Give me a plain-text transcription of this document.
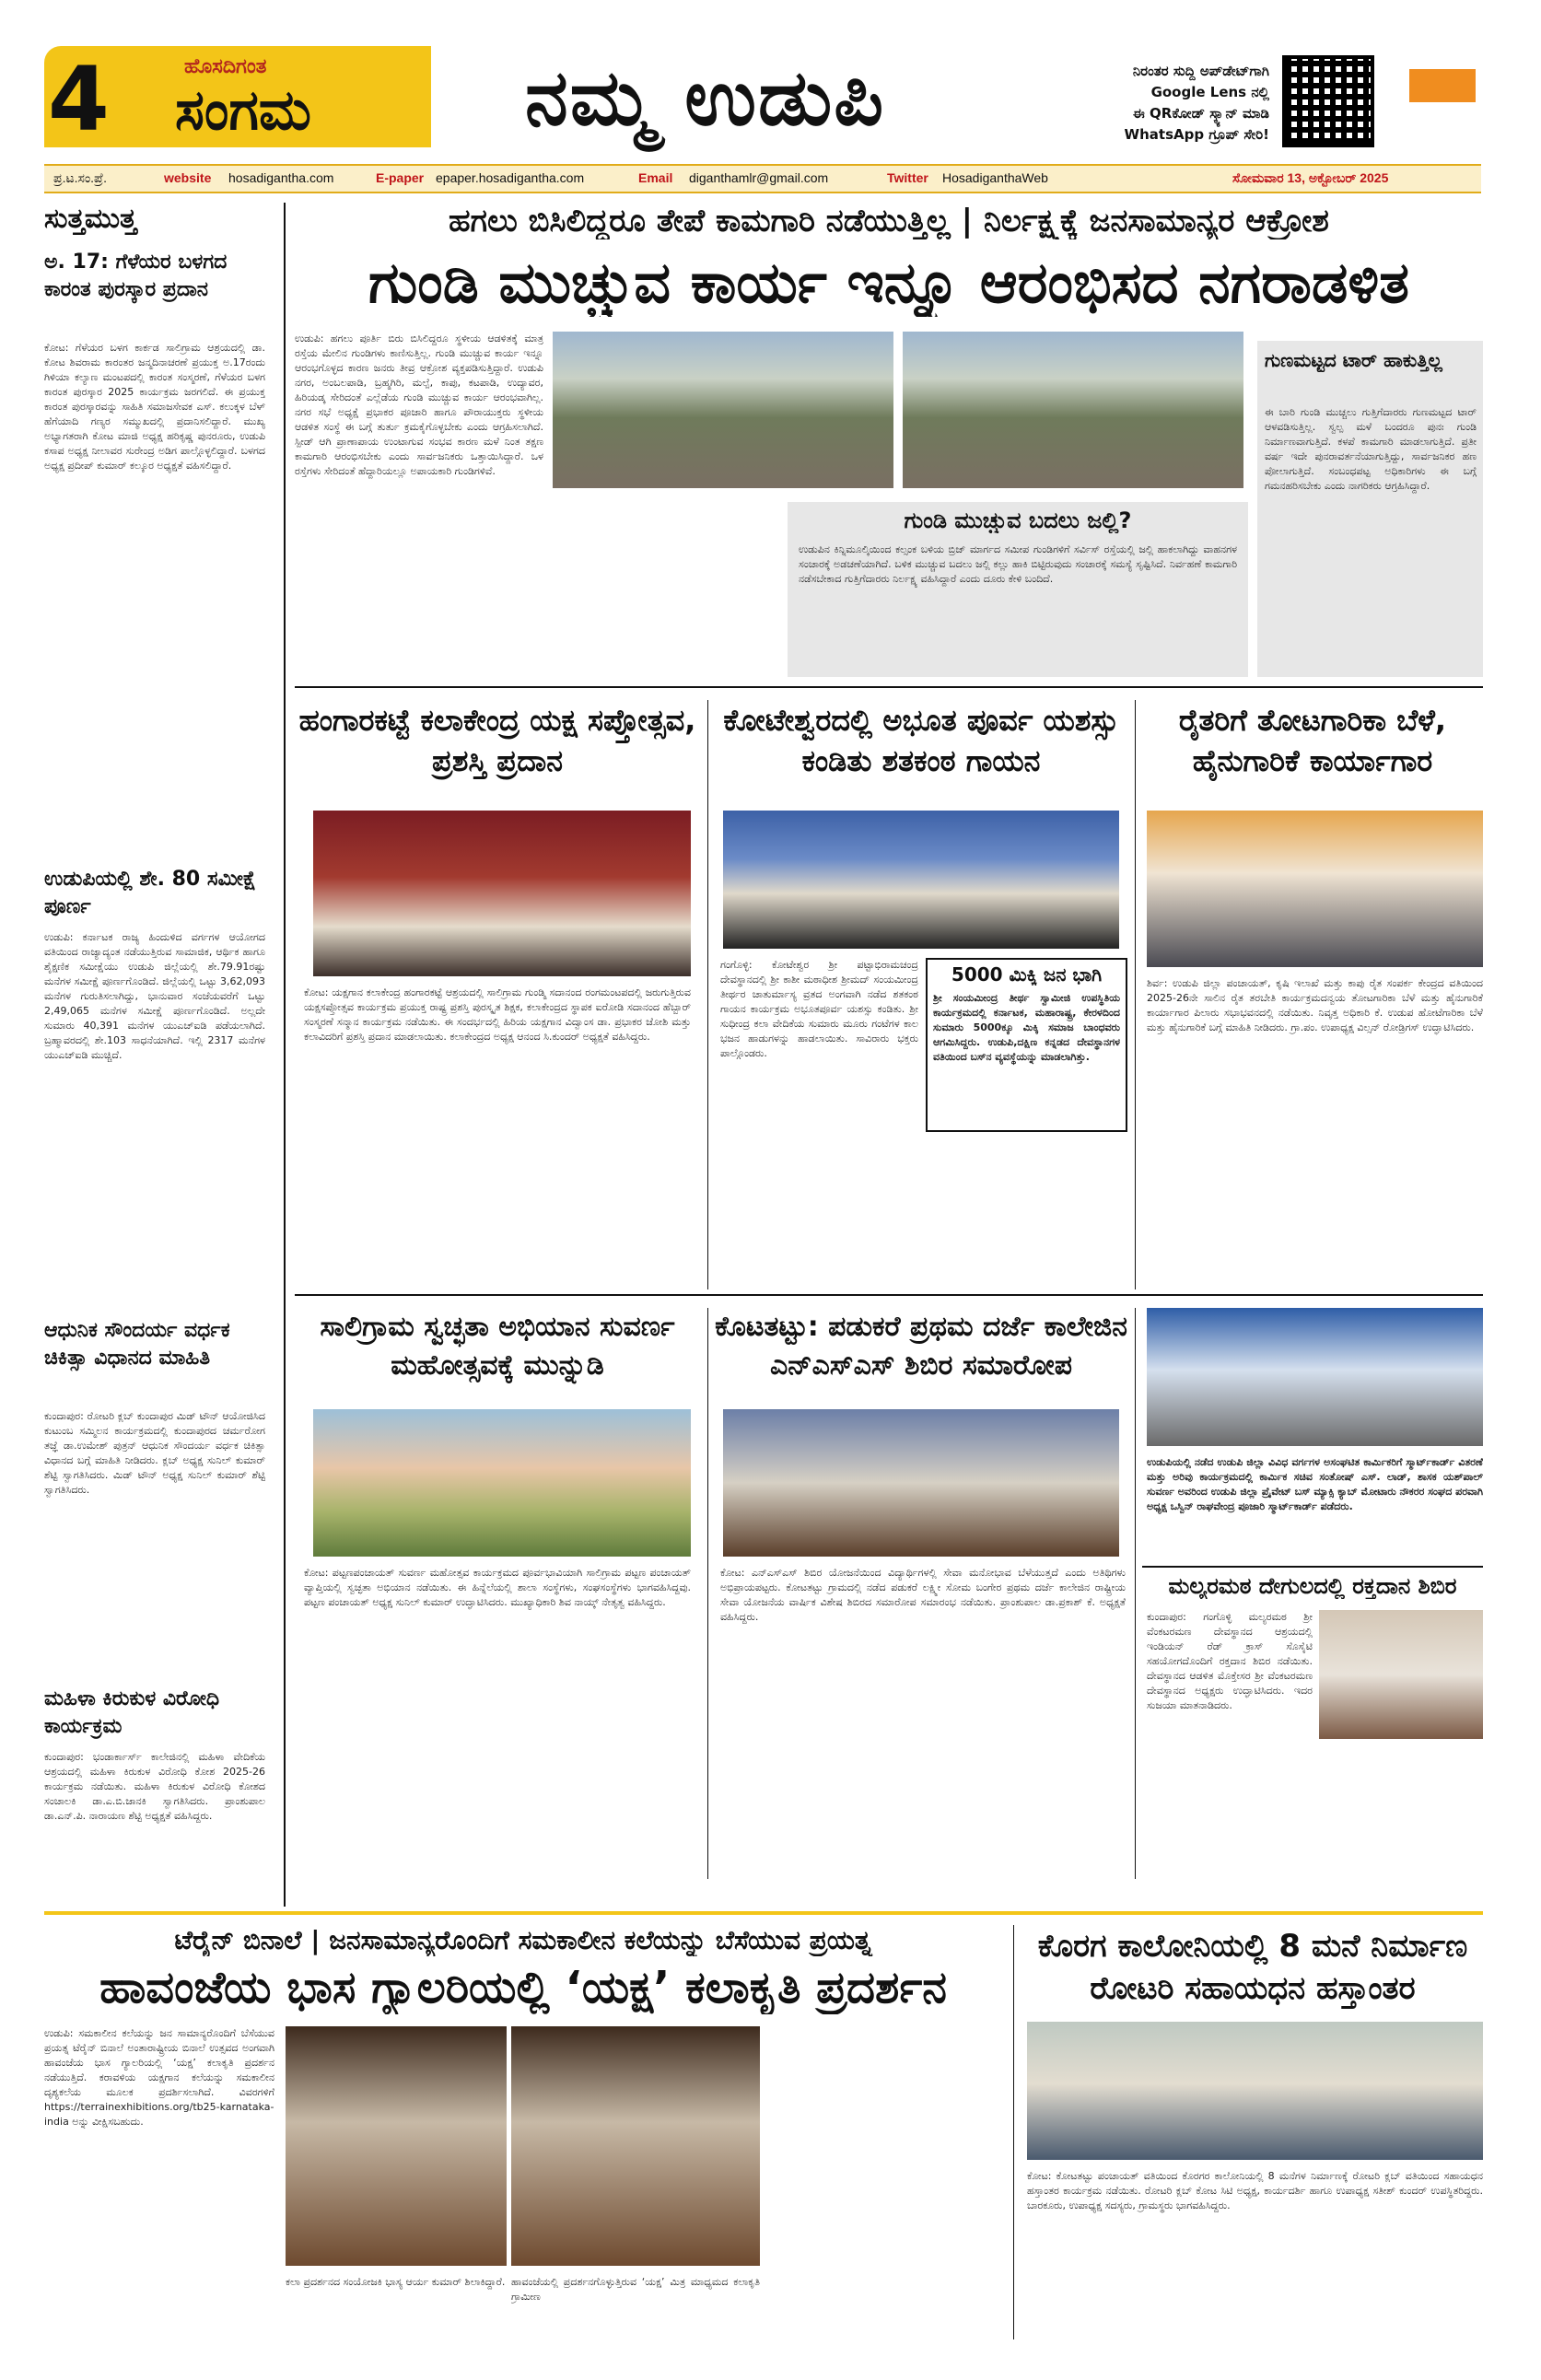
4	ಹೊಸದಿಗಂತ
ಸಂಗಮ	ನಮ್ಮ ಉಡುಪಿ	ನಿರಂತರ ಸುದ್ದಿ ಅಪ್‌ಡೇಟ್‌ಗಾಗಿ
Google Lens ನಲ್ಲಿ
ಈ QRಕೋಡ್ ಸ್ಕ್ಯಾನ್ ಮಾಡಿ
WhatsApp ಗ್ರೂಪ್ ಸೇರಿ!
ಪ್ರ.ಟ.ಸಂ.ಪ್ರೆ.	website hosadigantha.com	E-paper epaper.hosadigantha.com	Email diganthamlr@gmail.com	Twitter HosadiganthaWeb	ಸೋಮವಾರ 13, ಅಕ್ಟೋಬರ್ 2025
ಸುತ್ತಮುತ್ತ
ಅ. 17: ಗೆಳೆಯರ ಬಳಗದ ಕಾರಂತ ಪುರಸ್ಕಾರ ಪ್ರದಾನ
ಕೋಟ: ಗೆಳೆಯರ ಬಳಗ ಕಾರ್ಕಡ ಸಾಲಿಗ್ರಾಮ ಆಶ್ರಯದಲ್ಲಿ ಡಾ. ಕೋಟ ಶಿವರಾಮ ಕಾರಂತರ ಜನ್ಮದಿನಾಚರಣೆ ಪ್ರಯುಕ್ತ ಅ.17ರಂದು ಗಿಳಿಯಾ ಕಲ್ಯಾಣ ಮಂಟಪದಲ್ಲಿ ಕಾರಂತ ಸಂಸ್ಮರಣೆ, ಗೆಳೆಯರ ಬಳಗ ಕಾರಂತ ಪುರಸ್ಕಾರ 2025 ಕಾರ್ಯಕ್ರಮ ಜರಗಲಿದೆ. ಈ ಪ್ರಯುಕ್ತ ಕಾರಂತ ಪುರಸ್ಕಾರವನ್ನು ಸಾಹಿತಿ ಸಮಾಜಸೇವಕ ಎಸ್. ಕಲುಕ್ಕಳ ಬೆಳ್ ಹೆಗೆಯಾದಿ ಗಣ್ಯರ ಸಮ್ಮುಖದಲ್ಲಿ ಪ್ರದಾನಿಸಲಿದ್ದಾರೆ. ಮುಖ್ಯ ಅಭ್ಯಾಗತರಾಗಿ ಕೋಟ ಮಾಜಿ ಅಧ್ಯಕ್ಷ ಹರಿಕೃಷ್ಣ ಪುನರೂರು, ಉಡುಪಿ ಕಸಾಪ ಅಧ್ಯಕ್ಷ ನೀಲಾವರ ಸುರೇಂದ್ರ ಅಡಿಗ ಪಾಲ್ಗೊಳ್ಳಲಿದ್ದಾರೆ. ಬಳಗದ ಅಧ್ಯಕ್ಷ ಪ್ರದೀಪ್ ಕುಮಾರ್ ಕಲ್ಕೂರ ಅಧ್ಯಕ್ಷತೆ ವಹಿಸಲಿದ್ದಾರೆ.
ಉಡುಪಿಯಲ್ಲಿ ಶೇ. 80 ಸಮೀಕ್ಷೆ ಪೂರ್ಣ
ಉಡುಪಿ: ಕರ್ನಾಟಕ ರಾಜ್ಯ ಹಿಂದುಳಿದ ವರ್ಗಗಳ ಆಯೋಗದ ವತಿಯಿಂದ ರಾಜ್ಯಾದ್ಯಂತ ನಡೆಯುತ್ತಿರುವ ಸಾಮಾಜಿಕ, ಆರ್ಥಿಕ ಹಾಗೂ ಶೈಕ್ಷಣಿಕ ಸಮೀಕ್ಷೆಯು ಉಡುಪಿ ಜಿಲ್ಲೆಯಲ್ಲಿ ಶೇ.79.91ರಷ್ಟು ಮನೆಗಳ ಸಮೀಕ್ಷೆ ಪೂರ್ಣಗೊಂಡಿದೆ. ಜಿಲ್ಲೆಯಲ್ಲಿ ಒಟ್ಟು 3,62,093 ಮನೆಗಳ ಗುರುತಿಸಲಾಗಿದ್ದು, ಭಾನುವಾರ ಸಂಜೆಯವರೆಗೆ ಒಟ್ಟು 2,49,065 ಮನೆಗಳ ಸಮೀಕ್ಷೆ ಪೂರ್ಣಗೊಂಡಿದೆ. ಅಲ್ಲದೇ ಸುಮಾರು 40,391 ಮನೆಗಳ ಯುಎಚ್‌ಐಡಿ ಪಡೆಯಲಾಗಿದೆ. ಬ್ರಹ್ಮಾವರದಲ್ಲಿ ಶೇ.103 ಸಾಧನೆಯಾಗಿದೆ. ಇಲ್ಲಿ 2317 ಮನೆಗಳ ಯುಎಚ್‌ಐಡಿ ಮುಚ್ಚಿದೆ.
ಆಧುನಿಕ ಸೌಂದರ್ಯ ವರ್ಧಕ ಚಿಕಿತ್ಸಾ ವಿಧಾನದ ಮಾಹಿತಿ
ಕುಂದಾಪುರ: ರೋಟರಿ ಕ್ಲಬ್ ಕುಂದಾಪುರ ಮಿಡ್ ಟೌನ್ ಆಯೋಜಿಸಿದ ಕುಟುಂಬ ಸಮ್ಮಿಲನ ಕಾರ್ಯಕ್ರಮದಲ್ಲಿ ಕುಂದಾಪುರದ ಚರ್ಮರೋಗ ತಜ್ಞೆ ಡಾ.ಉಮೇಶ್ ಪುತ್ರನ್ ಆಧುನಿಕ ಸೌಂದರ್ಯ ವರ್ಧಕ ಚಿಕಿತ್ಸಾ ವಿಧಾನದ ಬಗ್ಗೆ ಮಾಹಿತಿ ನೀಡಿದರು. ಕ್ಲಬ್ ಅಧ್ಯಕ್ಷ ಸುನಿಲ್ ಕುಮಾರ್ ಶೆಟ್ಟಿ ಸ್ವಾಗತಿಸಿದರು. ಮಿಡ್ ಟೌನ್ ಅಧ್ಯಕ್ಷ ಸುನಿಲ್ ಕುಮಾರ್ ಶೆಟ್ಟಿ ಸ್ವಾಗತಿಸಿದರು.
ಮಹಿಳಾ ಕಿರುಕುಳ ವಿರೋಧಿ ಕಾರ್ಯಕ್ರಮ
ಕುಂದಾಪುರ: ಭಂಡಾರ್ಕಾರ್ಸ್ ಕಾಲೇಜಿನಲ್ಲಿ ಮಹಿಳಾ ವೇದಿಕೆಯ ಆಶ್ರಯದಲ್ಲಿ ಮಹಿಳಾ ಕಿರುಕುಳ ವಿರೋಧಿ ಕೋಶ 2025-26 ಕಾರ್ಯಕ್ರಮ ನಡೆಯಿತು. ಮಹಿಳಾ ಕಿರುಕುಳ ವಿರೋಧಿ ಕೋಶದ ಸಂಚಾಲಕಿ ಡಾ.ಎ.ಬಿ.ಜಾನಕಿ ಸ್ವಾಗತಿಸಿದರು. ಪ್ರಾಂಶುಪಾಲ ಡಾ.ಎನ್.ಪಿ. ನಾರಾಯಣ ಶೆಟ್ಟಿ ಅಧ್ಯಕ್ಷತೆ ವಹಿಸಿದ್ದರು.
ಹಗಲು ಬಿಸಿಲಿದ್ದರೂ ತೇಪೆ ಕಾಮಗಾರಿ ನಡೆಯುತ್ತಿಲ್ಲ | ನಿರ್ಲಕ್ಷ್ಯಕ್ಕೆ ಜನಸಾಮಾನ್ಯರ ಆಕ್ರೋಶ
ಗುಂಡಿ ಮುಚ್ಚುವ ಕಾರ್ಯ ಇನ್ನೂ ಆರಂಭಿಸದ ನಗರಾಡಳಿತ
ಉಡುಪಿ: ಹಗಲು ಪೂರ್ತಿ ಬಿರು ಬಿಸಿಲಿದ್ದರೂ ಸ್ಥಳೀಯ ಆಡಳಿತಕ್ಕೆ ಮಾತ್ರ ರಸ್ತೆಯ ಮೇಲಿನ ಗುಂಡಿಗಳು ಕಾಣಿಸುತ್ತಿಲ್ಲ. ಗುಂಡಿ ಮುಚ್ಚುವ ಕಾರ್ಯ ಇನ್ನೂ ಆರಂಭಗೊಳ್ಳದ ಕಾರಣ ಜನರು ತೀವ್ರ ಆಕ್ರೋಶ ವ್ಯಕ್ತಪಡಿಸುತ್ತಿದ್ದಾರೆ. ಉಡುಪಿ ನಗರ, ಅಂಬಲಪಾಡಿ, ಬ್ರಹ್ಮಗಿರಿ, ಮಲ್ಪೆ, ಕಾಪು, ಕಟಪಾಡಿ, ಉದ್ಯಾವರ, ಹಿರಿಯಡ್ಕ ಸೇರಿದಂತೆ ಎಲ್ಲೆಡೆಯ ಗುಂಡಿ ಮುಚ್ಚುವ ಕಾರ್ಯ ಆರಂಭವಾಗಿಲ್ಲ. ನಗರ ಸಭೆ ಅಧ್ಯಕ್ಷೆ ಪ್ರಭಾಕರ ಪೂಜಾರಿ ಹಾಗೂ ಪೌರಾಯುಕ್ತರು ಸ್ಥಳೀಯ ಆಡಳಿತ ಸಂಸ್ಥೆ ಈ ಬಗ್ಗೆ ತುರ್ತು ಕ್ರಮಕೈಗೊಳ್ಳಬೇಕು ಎಂದು ಆಗ್ರಹಿಸಲಾಗಿದೆ. ಸ್ಪೀಡ್ ಆಗಿ ಪ್ರಾಣಾಪಾಯ ಉಂಟಾಗುವ ಸಂಭವ ಕಾರಣ ಮಳೆ ನಿಂತ ತಕ್ಷಣ ಕಾಮಗಾರಿ ಆರಂಭಿಸಬೇಕು ಎಂದು ಸಾರ್ವಜನಿಕರು ಒತ್ತಾಯಿಸಿದ್ದಾರೆ. ಒಳ ರಸ್ತೆಗಳು ಸೇರಿದಂತೆ ಹೆದ್ದಾರಿಯಲ್ಲೂ ಅಪಾಯಕಾರಿ ಗುಂಡಿಗಳಿವೆ.
ಗುಂಡಿ ಮುಚ್ಚುವ ಬದಲು ಜಲ್ಲಿ?
ಉಡುಪಿನ ಕಿನ್ನಿಮೂಲ್ಕಿಯಿಂದ ಕಲ್ಸಂಕ ಬಳಿಯ ಬ್ರಿಜ್ ಮಾರ್ಗದ ಸಮೀಪ ಗುಂಡಿಗಳಿಗೆ ಸರ್ವಿಸ್ ರಸ್ತೆಯಲ್ಲಿ ಜಲ್ಲಿ ಹಾಕಲಾಗಿದ್ದು ವಾಹನಗಳ ಸಂಚಾರಕ್ಕೆ ಅಡಚಣೆಯಾಗಿದೆ. ಬಳಿಕ ಮುಚ್ಚುವ ಬದಲು ಜಲ್ಲಿ ಕಲ್ಲು ಹಾಕಿ ಬಿಟ್ಟಿರುವುದು ಸಂಚಾರಕ್ಕೆ ಸಮಸ್ಯೆ ಸೃಷ್ಟಿಸಿದೆ. ನಿರ್ವಹಣೆ ಕಾಮಗಾರಿ ನಡೆಸಬೇಕಾದ ಗುತ್ತಿಗೆದಾರರು ನಿರ್ಲಕ್ಷ್ಯ ವಹಿಸಿದ್ದಾರೆ ಎಂದು ದೂರು ಕೇಳಿ ಬಂದಿದೆ.
ಗುಣಮಟ್ಟದ ಟಾರ್ ಹಾಕುತ್ತಿಲ್ಲ
ಈ ಬಾರಿ ಗುಂಡಿ ಮುಚ್ಚಲು ಗುತ್ತಿಗೆದಾರರು ಗುಣಮಟ್ಟದ ಟಾರ್ ಆಳವಡಿಸುತ್ತಿಲ್ಲ. ಸ್ವಲ್ಪ ಮಳೆ ಬಂದರೂ ಪುನಃ ಗುಂಡಿ ನಿರ್ಮಾಣವಾಗುತ್ತಿದೆ. ಕಳಪೆ ಕಾಮಗಾರಿ ಮಾಡಲಾಗುತ್ತಿದೆ. ಪ್ರತೀ ವರ್ಷ ಇದೇ ಪುನರಾವರ್ತನೆಯಾಗುತ್ತಿದ್ದು, ಸಾರ್ವಜನಿಕರ ಹಣ ಪೋಲಾಗುತ್ತಿದೆ. ಸಂಬಂಧಪಟ್ಟ ಅಧಿಕಾರಿಗಳು ಈ ಬಗ್ಗೆ ಗಮನಹರಿಸಬೇಕು ಎಂದು ನಾಗರಿಕರು ಆಗ್ರಹಿಸಿದ್ದಾರೆ.
ಹಂಗಾರಕಟ್ಟೆ ಕಲಾಕೇಂದ್ರ ಯಕ್ಷ ಸಪ್ತೋತ್ಸವ, ಪ್ರಶಸ್ತಿ ಪ್ರದಾನ
ಕೋಟ: ಯಕ್ಷಗಾನ ಕಲಾಕೇಂದ್ರ ಹಂಗಾರಕಟ್ಟೆ ಆಶ್ರಯದಲ್ಲಿ ಸಾಲಿಗ್ರಾಮ ಗುಂಡ್ಮಿ ಸದಾನಂದ ರಂಗಮಂಟಪದಲ್ಲಿ ಜರುಗುತ್ತಿರುವ ಯಕ್ಷಸಪ್ತೋತ್ಸವ ಕಾರ್ಯಕ್ರಮ ಪ್ರಯುಕ್ತ ರಾಷ್ಟ್ರ ಪ್ರಶಸ್ತಿ ಪುರಸ್ಕೃತ ಶಿಕ್ಷಕ, ಕಲಾಕೇಂದ್ರದ ಸ್ಥಾಪಕ ಐರೋಡಿ ಸದಾನಂದ ಹೆಬ್ಬಾರ್ ಸಂಸ್ಮರಣೆ ಸನ್ಮಾನ ಕಾರ್ಯಕ್ರಮ ನಡೆಯಿತು. ಈ ಸಂದರ್ಭದಲ್ಲಿ ಹಿರಿಯ ಯಕ್ಷಗಾನ ವಿದ್ವಾಂಸ ಡಾ. ಪ್ರಭಾಕರ ಜೋಶಿ ಮತ್ತು ಕಲಾವಿದರಿಗೆ ಪ್ರಶಸ್ತಿ ಪ್ರದಾನ ಮಾಡಲಾಯಿತು. ಕಲಾಕೇಂದ್ರದ ಅಧ್ಯಕ್ಷ ಆನಂದ ಸಿ.ಕುಂದರ್ ಅಧ್ಯಕ್ಷತೆ ವಹಿಸಿದ್ದರು.
ಕೋಟೇಶ್ವರದಲ್ಲಿ ಅಭೂತ ಪೂರ್ವ ಯಶಸ್ಸು ಕಂಡಿತು ಶತಕಂಠ ಗಾಯನ
ಗಂಗೊಳ್ಳಿ: ಕೋಟೇಶ್ವರ ಶ್ರೀ ಪಟ್ಟಾಭಿರಾಮಚಂದ್ರ ದೇವಸ್ಥಾನದಲ್ಲಿ ಶ್ರೀ ಕಾಶೀ ಮಠಾಧೀಶ ಶ್ರೀಮದ್ ಸಂಯಮೀಂದ್ರ ತೀರ್ಥರ ಚಾತುರ್ಮಾಸ್ಯ ವ್ರತದ ಅಂಗವಾಗಿ ನಡೆದ ಶತಕಂಠ ಗಾಯನ ಕಾರ್ಯಕ್ರಮ ಅಭೂತಪೂರ್ವ ಯಶಸ್ಸು ಕಂಡಿತು. ಶ್ರೀ ಸುಧೀಂದ್ರ ಕಲಾ ವೇದಿಕೆಯ ಸುಮಾರು ಮೂರು ಗಂಟೆಗಳ ಕಾಲ ಭಜನ ಹಾಡುಗಳನ್ನು ಹಾಡಲಾಯಿತು. ಸಾವಿರಾರು ಭಕ್ತರು ಪಾಲ್ಗೊಂಡರು.
5000 ಮಿಕ್ಕಿ ಜನ ಭಾಗಿ
ಶ್ರೀ ಸಂಯಮೀಂದ್ರ ತೀರ್ಥ ಸ್ವಾಮೀಜಿ ಉಪಸ್ಥಿತಿಯ ಕಾರ್ಯಕ್ರಮದಲ್ಲಿ ಕರ್ನಾಟಕ, ಮಹಾರಾಷ್ಟ್ರ, ಕೇರಳದಿಂದ ಸುಮಾರು 5000ಕ್ಕೂ ಮಿಕ್ಕಿ ಸಮಾಜ ಬಾಂಧವರು ಆಗಮಿಸಿದ್ದರು. ಉಡುಪಿ,ದಕ್ಷಿಣ ಕನ್ನಡದ ದೇವಸ್ಥಾನಗಳ ವತಿಯಿಂದ ಬಸ್‌ನ ವ್ಯವಸ್ಥೆಯನ್ನು ಮಾಡಲಾಗಿತ್ತು.
ರೈತರಿಗೆ ತೋಟಗಾರಿಕಾ ಬೆಳೆ, ಹೈನುಗಾರಿಕೆ ಕಾರ್ಯಾಗಾರ
ಶಿರ್ವ: ಉಡುಪಿ ಜಿಲ್ಲಾ ಪಂಚಾಯತ್, ಕೃಷಿ ಇಲಾಖೆ ಮತ್ತು ಕಾಪು ರೈತ ಸಂಪರ್ಕ ಕೇಂದ್ರದ ವತಿಯಿಂದ 2025-26ನೇ ಸಾಲಿನ ರೈತ ತರಬೇತಿ ಕಾರ್ಯಕ್ರಮದನ್ವಯ ತೋಟಗಾರಿಕಾ ಬೆಳೆ ಮತ್ತು ಹೈನುಗಾರಿಕೆ ಕಾರ್ಯಾಗಾರ ಪಿಲಾರು ಸಭಾಭವನದಲ್ಲಿ ನಡೆಯಿತು. ನಿವೃತ್ತ ಅಧಿಕಾರಿ ಕೆ. ಉಡುಪ ಹೋಟೆಗಾರಿಕಾ ಬೆಳೆ ಮತ್ತು ಹೈನುಗಾರಿಕೆ ಬಗ್ಗೆ ಮಾಹಿತಿ ನೀಡಿದರು. ಗ್ರಾ.ಪಂ. ಉಪಾಧ್ಯಕ್ಷ ವಿಲ್ಸನ್ ರೋಡ್ರಿಗಸ್ ಉದ್ಘಾಟಿಸಿದರು.
ಸಾಲಿಗ್ರಾಮ ಸ್ವಚ್ಛತಾ ಅಭಿಯಾನ ಸುವರ್ಣ ಮಹೋತ್ಸವಕ್ಕೆ ಮುನ್ನುಡಿ
ಕೋಟ: ಪಟ್ಟಣಪಂಚಾಯತ್ ಸುವರ್ಣ ಮಹೋತ್ಸವ ಕಾರ್ಯಕ್ರಮದ ಪೂರ್ವಭಾವಿಯಾಗಿ ಸಾಲಿಗ್ರಾಮ ಪಟ್ಟಣ ಪಂಚಾಯತ್ ವ್ಯಾಪ್ತಿಯಲ್ಲಿ ಸ್ವಚ್ಛತಾ ಅಭಿಯಾನ ನಡೆಯಿತು. ಈ ಹಿನ್ನೆಲೆಯಲ್ಲಿ ಶಾಲಾ ಸಂಸ್ಥೆಗಳು, ಸಂಘಸಂಸ್ಥೆಗಳು ಭಾಗವಹಿಸಿದ್ದವು. ಪಟ್ಟಣ ಪಂಚಾಯತ್ ಅಧ್ಯಕ್ಷ ಸುನಿಲ್ ಕುಮಾರ್ ಉದ್ಘಾಟಿಸಿದರು. ಮುಖ್ಯಾಧಿಕಾರಿ ಶಿವ ನಾಯ್ಕ್ ನೇತೃತ್ವ ವಹಿಸಿದ್ದರು.
ಕೊಟತಟ್ಟು: ಪಡುಕರೆ ಪ್ರಥಮ ದರ್ಜೆ ಕಾಲೇಜಿನ ಎನ್ಎಸ್ಎಸ್ ಶಿಬಿರ ಸಮಾರೋಪ
ಕೋಟ: ಎನ್ಎಸ್ಎಸ್ ಶಿಬಿರ ಯೋಜನೆಯಿಂದ ವಿದ್ಯಾರ್ಥಿಗಳಲ್ಲಿ ಸೇವಾ ಮನೋಭಾವ ಬೆಳೆಯುತ್ತದೆ ಎಂದು ಅತಿಥಿಗಳು ಅಭಿಪ್ರಾಯಪಟ್ಟರು. ಕೋಟತಟ್ಟು ಗ್ರಾಮದಲ್ಲಿ ನಡೆದ ಪಡುಕರೆ ಲಕ್ಷ್ಮೀ ಸೋಮ ಬಂಗೇರ ಪ್ರಥಮ ದರ್ಜೆ ಕಾಲೇಜಿನ ರಾಷ್ಟ್ರೀಯ ಸೇವಾ ಯೋಜನೆಯ ವಾರ್ಷಿಕ ವಿಶೇಷ ಶಿಬಿರದ ಸಮಾರೋಪ ಸಮಾರಂಭ ನಡೆಯಿತು. ಪ್ರಾಂಶುಪಾಲ ಡಾ.ಪ್ರಕಾಶ್ ಕೆ. ಅಧ್ಯಕ್ಷತೆ ವಹಿಸಿದ್ದರು.
ಉಡುಪಿಯಲ್ಲಿ ನಡೆದ ಉಡುಪಿ ಜಿಲ್ಲಾ ವಿವಿಧ ವರ್ಗಗಳ ಅಸಂಘಟಿತ ಕಾರ್ಮಿಕರಿಗೆ ಸ್ಮಾರ್ಟ್‌ಕಾರ್ಡ್ ವಿತರಣೆ ಮತ್ತು ಅರಿವು ಕಾರ್ಯಕ್ರಮದಲ್ಲಿ ಕಾರ್ಮಿಕ ಸಚಿವ ಸಂತೋಷ್ ಎಸ್. ಲಾಡ್, ಶಾಸಕ ಯಶ್‌ಪಾಲ್ ಸುವರ್ಣ ಅವರಿಂದ ಉಡುಪಿ ಜಿಲ್ಲಾ ಪ್ರೈವೇಟ್ ಬಸ್ ಮ್ಯಾಕ್ಸಿ ಕ್ಯಾಬ್ ಮೋಟಾರು ನೌಕರರ ಸಂಘದ ಪರವಾಗಿ ಅಧ್ಯಕ್ಷ ಒಸ್ವಿನ್ ರಾಘವೇಂದ್ರ ಪೂಜಾರಿ ಸ್ಮಾರ್ಟ್‌ಕಾರ್ಡ್ ಪಡೆದರು.
ಮಲ್ಯರಮಠ ದೇಗುಲದಲ್ಲಿ ರಕ್ತದಾನ ಶಿಬಿರ
ಕುಂದಾಪುರ: ಗಂಗೊಳ್ಳಿ ಮಲ್ಯರಮಠ ಶ್ರೀ ವೆಂಕಟರಮಣ ದೇವಸ್ಥಾನದ ಆಶ್ರಯದಲ್ಲಿ ಇಂಡಿಯನ್ ರೆಡ್ ಕ್ರಾಸ್ ಸೊಸೈಟಿ ಸಹಯೋಗದೊಂದಿಗೆ ರಕ್ತದಾನ ಶಿಬಿರ ನಡೆಯಿತು. ದೇವಸ್ಥಾನದ ಆಡಳಿತ ಮೊಕ್ತೇಸರ ಶ್ರೀ ವೆಂಕಟರಮಣ ದೇವಸ್ಥಾನದ ಅಧ್ಯಕ್ಷರು ಉದ್ಘಾಟಿಸಿದರು. ಇದರ ಸುಜಯಾ ಮಾತನಾಡಿದರು.
ಟೆರೈನ್ ಬಿನಾಲೆ | ಜನಸಾಮಾನ್ಯರೊಂದಿಗೆ ಸಮಕಾಲೀನ ಕಲೆಯನ್ನು ಬೆಸೆಯುವ ಪ್ರಯತ್ನ
ಹಾವಂಜೆಯ ಭಾಸ ಗ್ಯಾಲರಿಯಲ್ಲಿ ‘ಯಕ್ಷ’ ಕಲಾಕೃತಿ ಪ್ರದರ್ಶನ
ಉಡುಪಿ: ಸಮಕಾಲೀನ ಕಲೆಯನ್ನು ಜನ ಸಾಮಾನ್ಯರೊಂದಿಗೆ ಬೆಸೆಯುವ ಪ್ರಯತ್ನ ಟೆರೈನ್ ಬಿನಾಲೆ ಅಂತಾರಾಷ್ಟ್ರೀಯ ಬಿನಾಲೆ ಉತ್ಸವದ ಅಂಗವಾಗಿ ಹಾವಂಜೆಯ ಭಾಸ ಗ್ಯಾಲರಿಯಲ್ಲಿ ‘ಯಕ್ಷ’ ಕಲಾಕೃತಿ ಪ್ರದರ್ಶನ ನಡೆಯುತ್ತಿದೆ. ಕರಾವಳಿಯ ಯಕ್ಷಗಾನ ಕಲೆಯನ್ನು ಸಮಕಾಲೀನ ದೃಶ್ಯಕಲೆಯ ಮೂಲಕ ಪ್ರದರ್ಶಿಸಲಾಗಿದೆ. ವಿವರಗಳಿಗೆ https://terrainexhibitions.org/tb25-karnataka-india ಅನ್ನು ವೀಕ್ಷಿಸಬಹುದು.
ಕಲಾ ಪ್ರದರ್ಶನದ ಸಂಯೋಜಕಿ ಭಾಸ್ಯ ಆರ್ಯ ಕುಮಾರ್ ಶಿಲಾಕಿದ್ದಾರೆ. ಹಾವಂಜೆಯಲ್ಲಿ ಪ್ರದರ್ಶನಗೊಳ್ಳುತ್ತಿರುವ ‘ಯಕ್ಷ’ ಮಿತ್ರ ಮಾಧ್ಯಮದ ಕಲಾಕೃತಿ ಗ್ರಾಮೀಣ
ಕೊರಗ ಕಾಲೋನಿಯಲ್ಲಿ 8 ಮನೆ ನಿರ್ಮಾಣ ರೋಟರಿ ಸಹಾಯಧನ ಹಸ್ತಾಂತರ
ಕೋಟ: ಕೋಟತಟ್ಟು ಪಂಚಾಯತ್ ವತಿಯಿಂದ ಕೊರಗರ ಕಾಲೋನಿಯಲ್ಲಿ 8 ಮನೆಗಳ ನಿರ್ಮಾಣಕ್ಕೆ ರೋಟರಿ ಕ್ಲಬ್ ವತಿಯಿಂದ ಸಹಾಯಧನ ಹಸ್ತಾಂತರ ಕಾರ್ಯಕ್ರಮ ನಡೆಯಿತು. ರೋಟರಿ ಕ್ಲಬ್ ಕೋಟ ಸಿಟಿ ಅಧ್ಯಕ್ಷ, ಕಾರ್ಯದರ್ಶಿ ಹಾಗೂ ಉಪಾಧ್ಯಕ್ಷ ಸತೀಶ್ ಕುಂದರ್ ಉಪಸ್ಥಿತರಿದ್ದರು. ಬಾರಕೂರು, ಉಪಾಧ್ಯಕ್ಷ ಸದಸ್ಯರು, ಗ್ರಾಮಸ್ಥರು ಭಾಗವಹಿಸಿದ್ದರು.
